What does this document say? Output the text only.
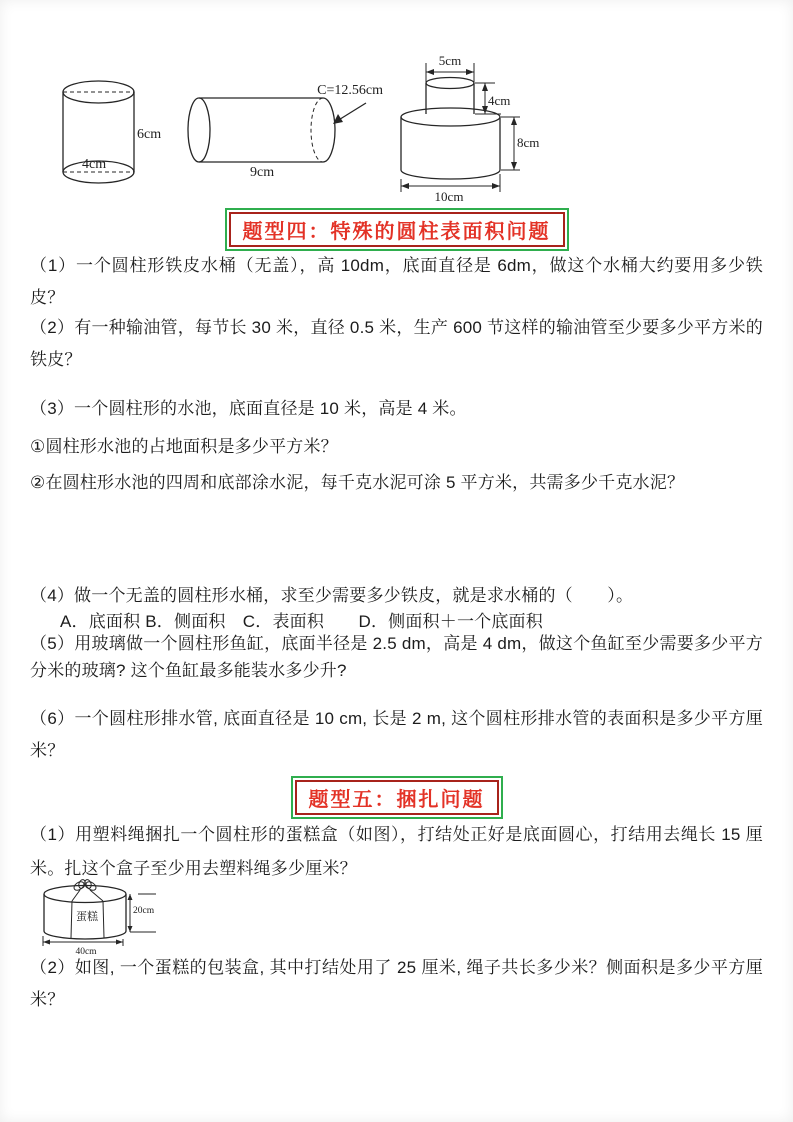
6cm
4cm
C=12.56cm
9cm
5cm
4cm
8cm
10cm
题型四：特殊的圆柱表面积问题

（1）一个圆柱形铁皮水桶（无盖），高 10dm，底面直径是 6dm，做这个水桶大约要用多少铁皮？

（2）有一种输油管，每节长 30 米，直径 0.5 米，生产 600 节这样的输油管至少要多少平方米的铁皮？

（3）一个圆柱形的水池，底面直径是 10 米，高是 4 米。

①圆柱形水池的占地面积是多少平方米？

②在圆柱形水池的四周和底部涂水泥，每千克水泥可涂 5 平方米，共需多少千克水泥？

（4）做一个无盖的圆柱形水桶，求至少需要多少铁皮，就是求水桶的（　　）。

A．底面积 B．侧面积　C．表面积　　D．侧面积＋一个底面积

（5）用玻璃做一个圆柱形鱼缸，底面半径是 2.5 dm，高是 4 dm，做这个鱼缸至少需要多少平方分米的玻璃? 这个鱼缸最多能装水多少升?

（6）一个圆柱形排水管, 底面直径是 10 cm, 长是 2 m, 这个圆柱形排水管的表面积是多少平方厘米？

题型五：捆扎问题

（1）用塑料绳捆扎一个圆柱形的蛋糕盒（如图），打结处正好是底面圆心，打结用去绳长 15 厘米。扎这个盒子至少用去塑料绳多少厘米？

蛋糕	20cm
40cm

（2）如图, 一个蛋糕的包装盒, 其中打结处用了 25 厘米, 绳子共长多少米？侧面积是多少平方厘米？
